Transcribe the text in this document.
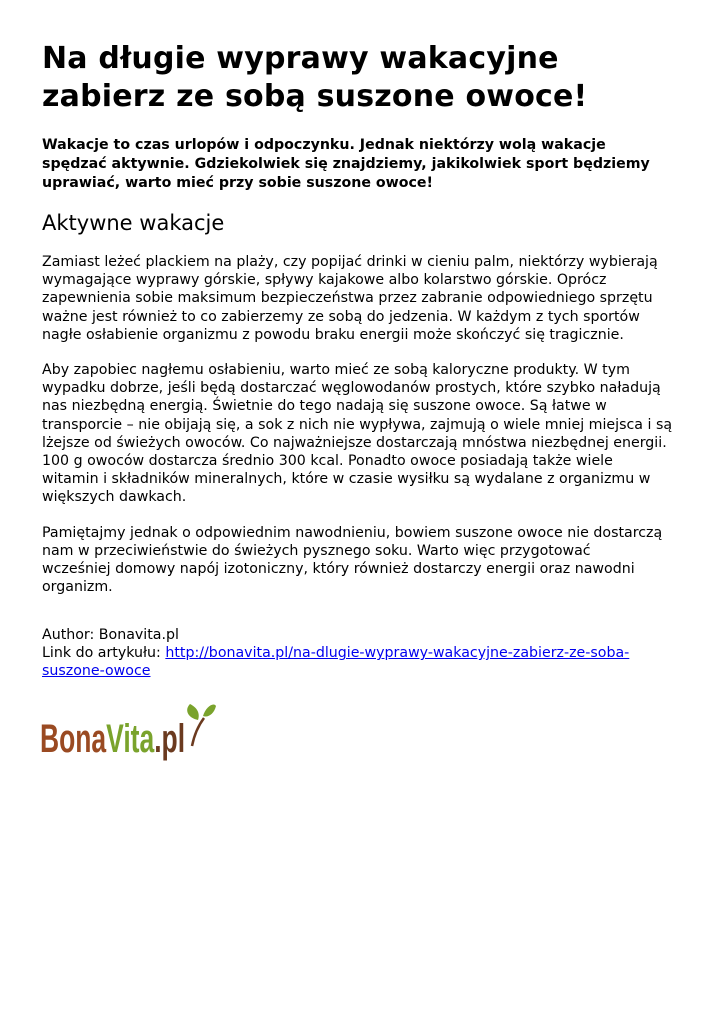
Na długie wyprawy wakacyjne
zabierz ze sobą suszone owoce!

Wakacje to czas urlopów i odpoczynku. Jednak niektórzy wolą wakacje
spędzać aktywnie. Gdziekolwiek się znajdziemy, jakikolwiek sport będziemy
uprawiać, warto mieć przy sobie suszone owoce!

Aktywne wakacje

Zamiast leżeć plackiem na plaży, czy popijać drinki w cieniu palm, niektórzy wybierają
wymagające wyprawy górskie, spływy kajakowe albo kolarstwo górskie. Oprócz
zapewnienia sobie maksimum bezpieczeństwa przez zabranie odpowiedniego sprzętu
ważne jest również to co zabierzemy ze sobą do jedzenia. W każdym z tych sportów
nagłe osłabienie organizmu z powodu braku energii może skończyć się tragicznie.

Aby zapobiec nagłemu osłabieniu, warto mieć ze sobą kaloryczne produkty. W tym
wypadku dobrze, jeśli będą dostarczać węglowodanów prostych, które szybko naładują
nas niezbędną energią. Świetnie do tego nadają się suszone owoce. Są łatwe w
transporcie – nie obijają się, a sok z nich nie wypływa, zajmują o wiele mniej miejsca i są
lżejsze od świeżych owoców. Co najważniejsze dostarczają mnóstwa niezbędnej energii.
100 g owoców dostarcza średnio 300 kcal. Ponadto owoce posiadają także wiele
witamin i składników mineralnych, które w czasie wysiłku są wydalane z organizmu w
większych dawkach.

Pamiętajmy jednak o odpowiednim nawodnieniu, bowiem suszone owoce nie dostarczą
nam w przeciwieństwie do świeżych pysznego soku. Warto więc przygotować
wcześniej domowy napój izotoniczny, który również dostarczy energii oraz nawodni
organizm.

Author: Bonavita.pl
Link do artykułu: http://bonavita.pl/na-dlugie-wyprawy-wakacyjne-zabierz-ze-soba-
suszone-owoce
BonaVita.pl
